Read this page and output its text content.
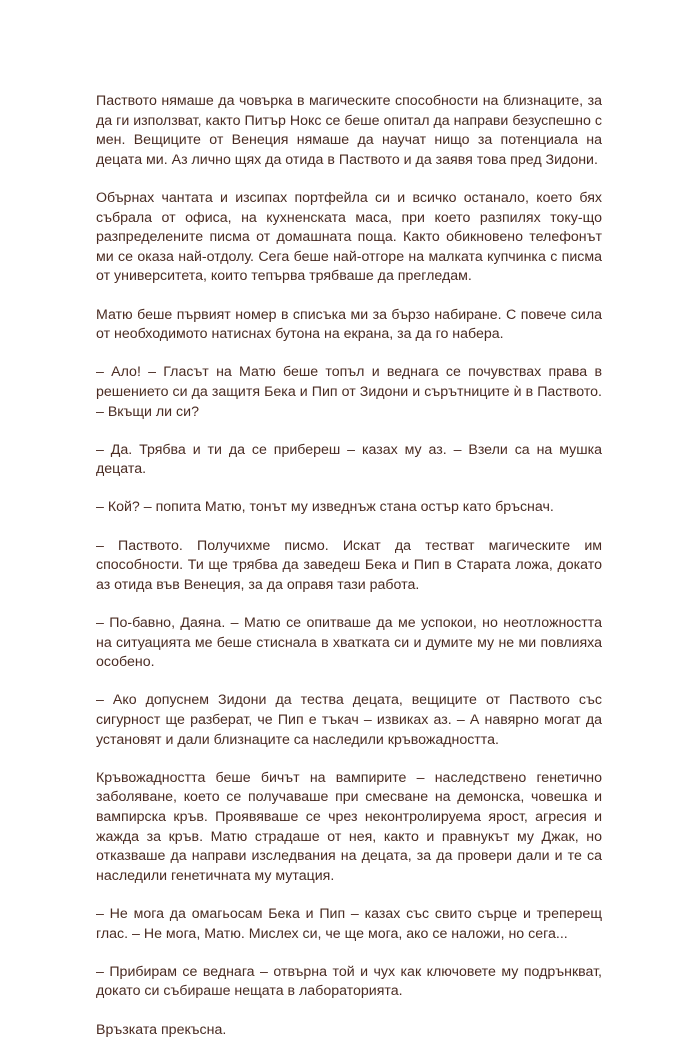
Паството нямаше да човърка в магическите способности на близнаците, за да ги използват, както Питър Нокс се беше опитал да направи безуспешно с мен. Вещиците от Венеция нямаше да научат нищо за потенциала на децата ми. Аз лично щях да отида в Паството и да заявя това пред Зидони.

Обърнах чантата и изсипах портфейла си и всичко останало, което бях събрала от офиса, на кухненската маса, при което разпилях току-що разпределените писма от домашната поща. Както обикновено телефонът ми се оказа най-отдолу. Сега беше най-отгоре на малката купчинка с писма от университета, които тепърва трябваше да прегледам.

Матю беше първият номер в списъка ми за бързо набиране. С повече сила от необходимото натиснах бутона на екрана, за да го набера.

– Ало! – Гласът на Матю беше топъл и веднага се почувствах права в решението си да защитя Бека и Пип от Зидони и сърътниците ѝ в Паството. – Вкъщи ли си?

– Да. Трябва и ти да се прибереш – казах му аз. – Взели са на мушка децата.

– Кой? – попита Матю, тонът му изведнъж стана остър като бръснач.

– Паството. Получихме писмо. Искат да тестват магическите им способности. Ти ще трябва да заведеш Бека и Пип в Старата ложа, докато аз отида във Венеция, за да оправя тази работа.

– По-бавно, Даяна. – Матю се опитваше да ме успокои, но неотложността на ситуацията ме беше стиснала в хватката си и думите му не ми повлияха особено.

– Ако допуснем Зидони да тества децата, вещиците от Паството със сигурност ще разберат, че Пип е тъкач – извиках аз. – А навярно могат да установят и дали близнаците са наследили кръвожадността.

Кръвожадността беше бичът на вампирите – наследствено генетично заболяване, което се получаваше при смесване на демонска, човешка и вампирска кръв. Проявяваше се чрез неконтролируема ярост, агресия и жажда за кръв. Матю страдаше от нея, както и правнукът му Джак, но отказваше да направи изследвания на децата, за да провери дали и те са наследили генетичната му мутация.

– Не мога да омагьосам Бека и Пип – казах със свито сърце и треперещ глас. – Не мога, Матю. Мислех си, че ще мога, ако се наложи, но сега...

– Прибирам се веднага – отвърна той и чух как ключовете му подрънкват, докато си събираше нещата в лабораторията.

Връзката прекъсна.
